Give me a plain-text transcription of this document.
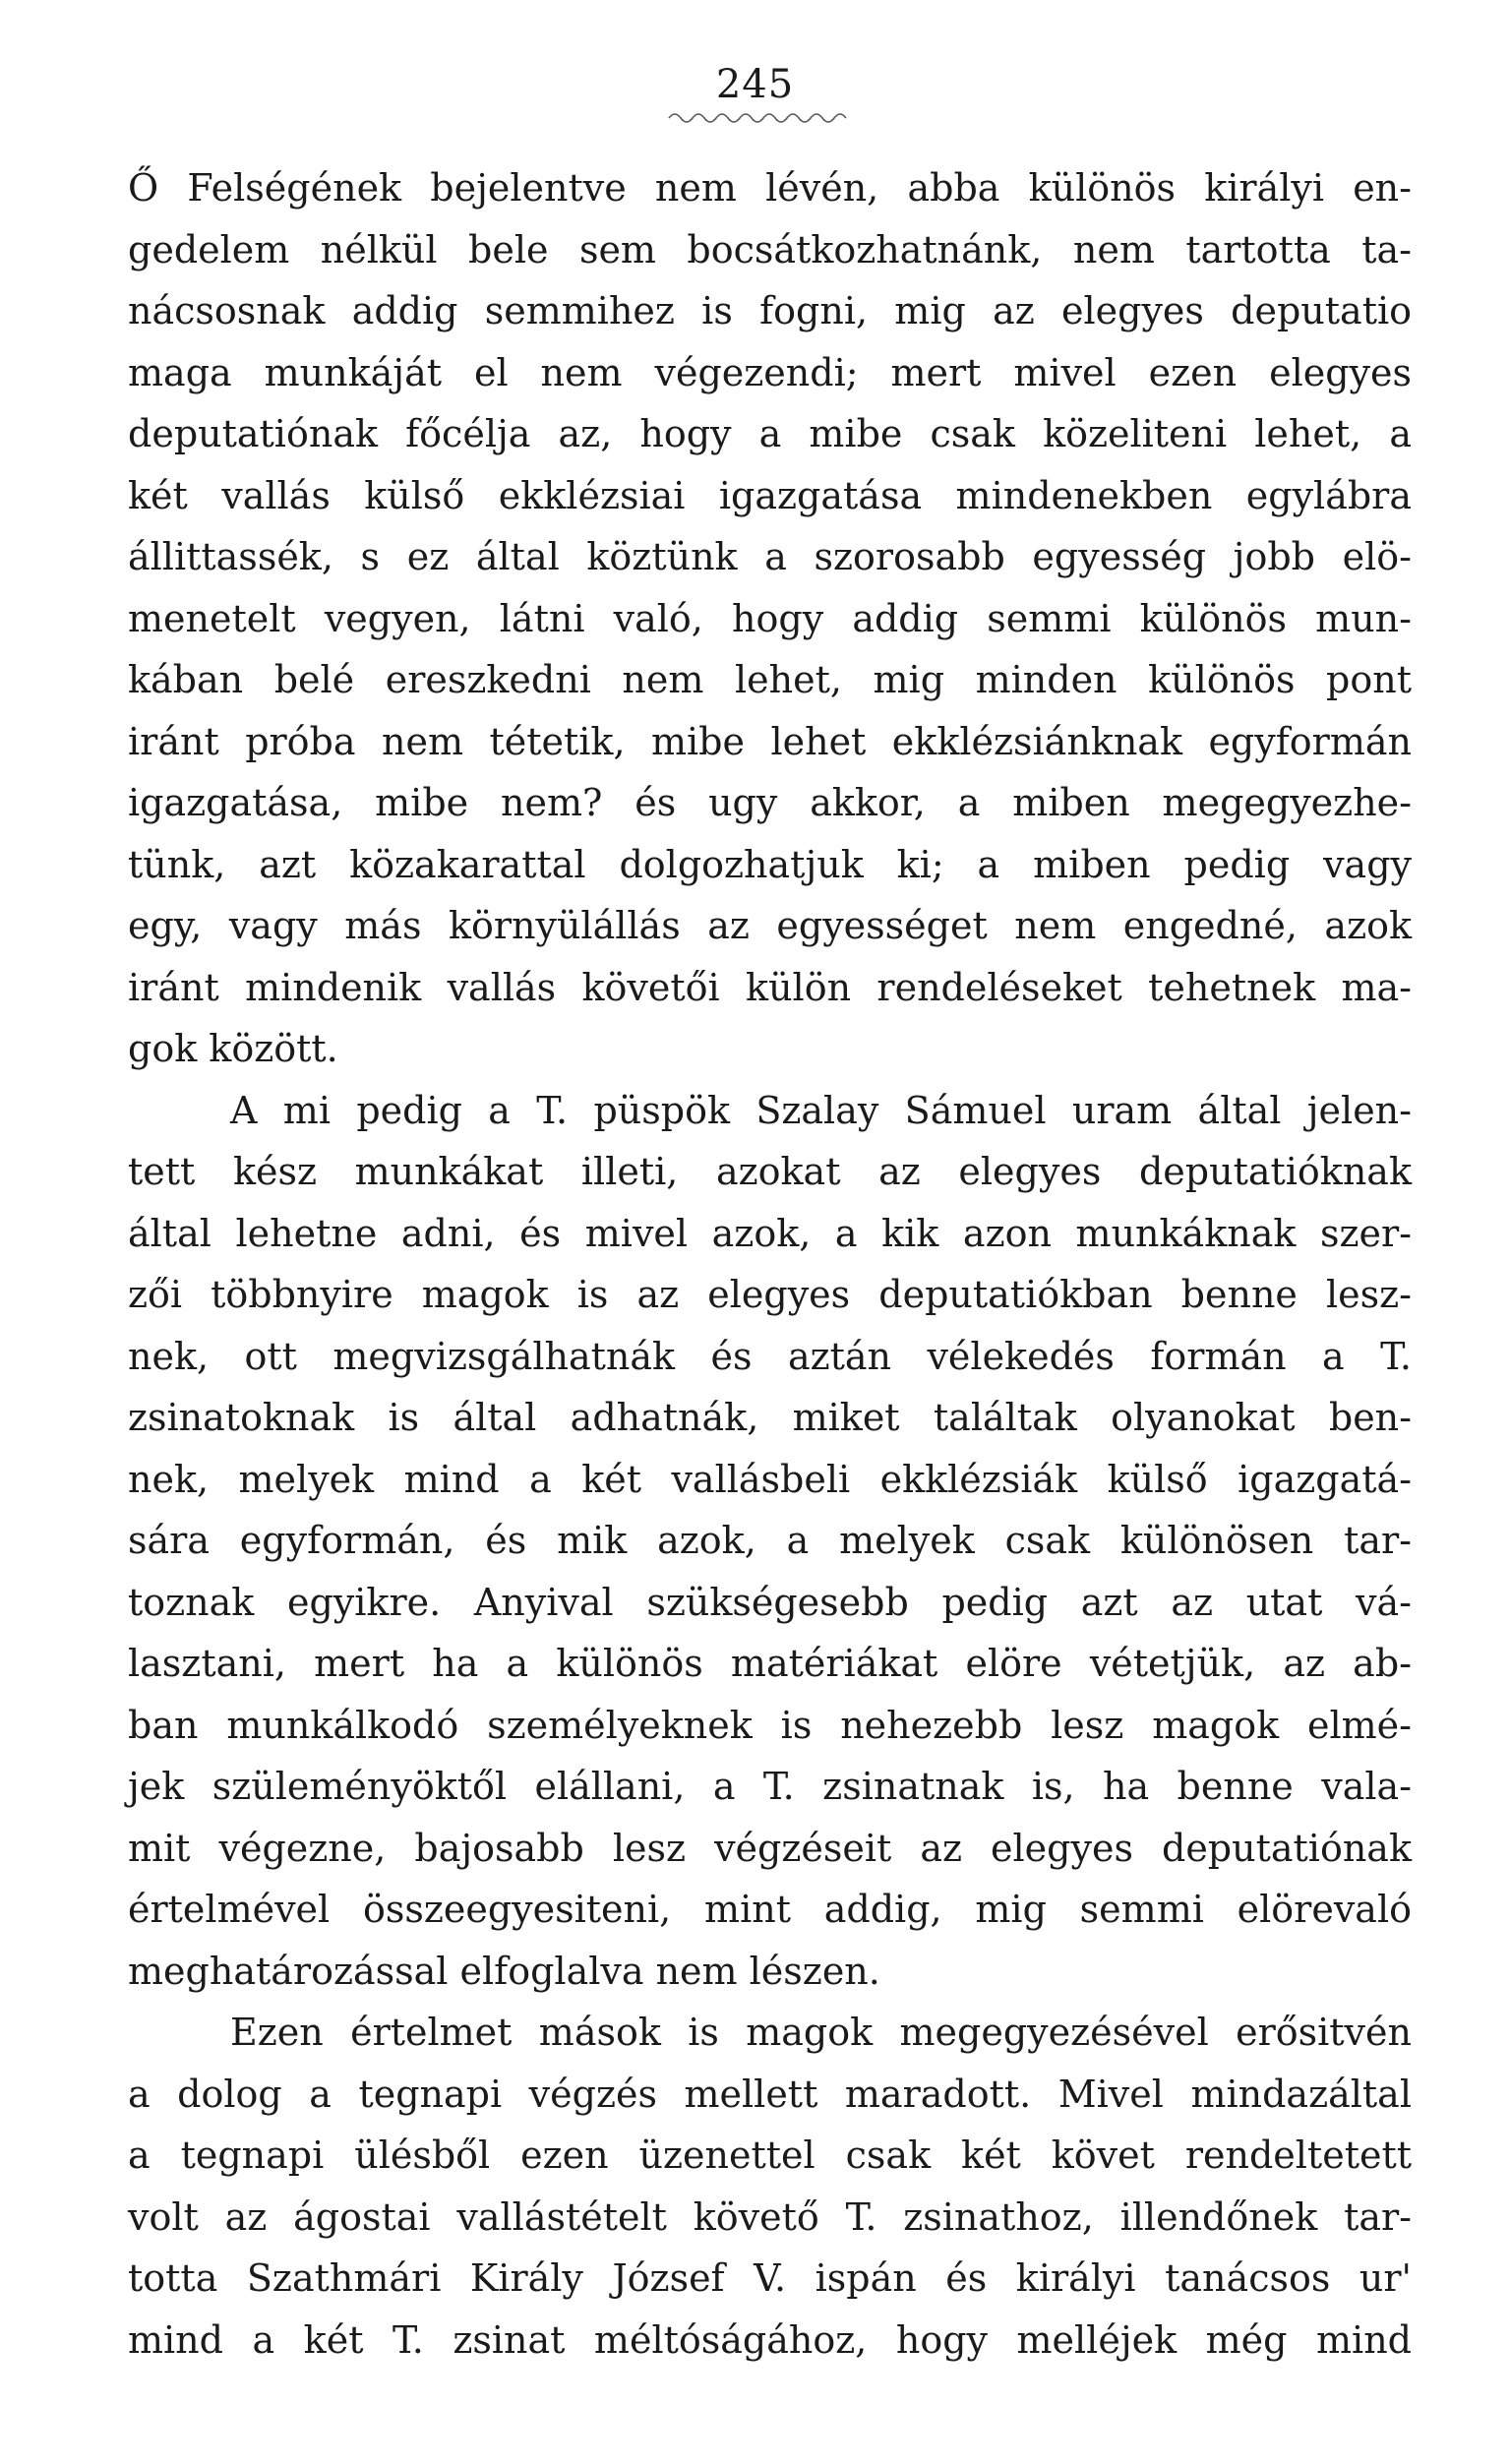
245
Ő Felségének bejelentve nem lévén, abba különös királyi en-
gedelem nélkül bele sem bocsátkozhatnánk, nem tartotta ta-
nácsosnak addig semmihez is fogni, mig az elegyes deputatio
maga munkáját el nem végezendi; mert mivel ezen elegyes
deputatiónak főcélja az, hogy a mibe csak közeliteni lehet, a
két vallás külső ekklézsiai igazgatása mindenekben egylábra
állittassék, s ez által köztünk a szorosabb egyesség jobb elö-
menetelt vegyen, látni való, hogy addig semmi különös mun-
kában belé ereszkedni nem lehet, mig minden különös pont
iránt próba nem tétetik, mibe lehet ekklézsiánknak egyformán
igazgatása, mibe nem? és ugy akkor, a miben megegyezhe-
tünk, azt közakarattal dolgozhatjuk ki; a miben pedig vagy
egy, vagy más környülállás az egyességet nem engedné, azok
iránt mindenik vallás követői külön rendeléseket tehetnek ma-
gok között.
A mi pedig a T. püspök Szalay Sámuel uram által jelen-
tett kész munkákat illeti, azokat az elegyes deputatióknak
által lehetne adni, és mivel azok, a kik azon munkáknak szer-
zői többnyire magok is az elegyes deputatiókban benne lesz-
nek, ott megvizsgálhatnák és aztán vélekedés formán a T.
zsinatoknak is által adhatnák, miket találtak olyanokat ben-
nek, melyek mind a két vallásbeli ekklézsiák külső igazgatá-
sára egyformán, és mik azok, a melyek csak különösen tar-
toznak egyikre. Anyival szükségesebb pedig azt az utat vá-
lasztani, mert ha a különös matériákat elöre vétetjük, az ab-
ban munkálkodó személyeknek is nehezebb lesz magok elmé-
jek szüleményöktől elállani, a T. zsinatnak is, ha benne vala-
mit végezne, bajosabb lesz végzéseit az elegyes deputatiónak
értelmével összeegyesiteni, mint addig, mig semmi elörevaló
meghatározással elfoglalva nem lészen.
Ezen értelmet mások is magok megegyezésével erősitvén
a dolog a tegnapi végzés mellett maradott. Mivel mindazáltal
a tegnapi ülésből ezen üzenettel csak két követ rendeltetett
volt az ágostai vallástételt követő T. zsinathoz, illendőnek tar-
totta Szathmári Király József V. ispán és királyi tanácsos ur'
mind a két T. zsinat méltóságához, hogy melléjek még mind
